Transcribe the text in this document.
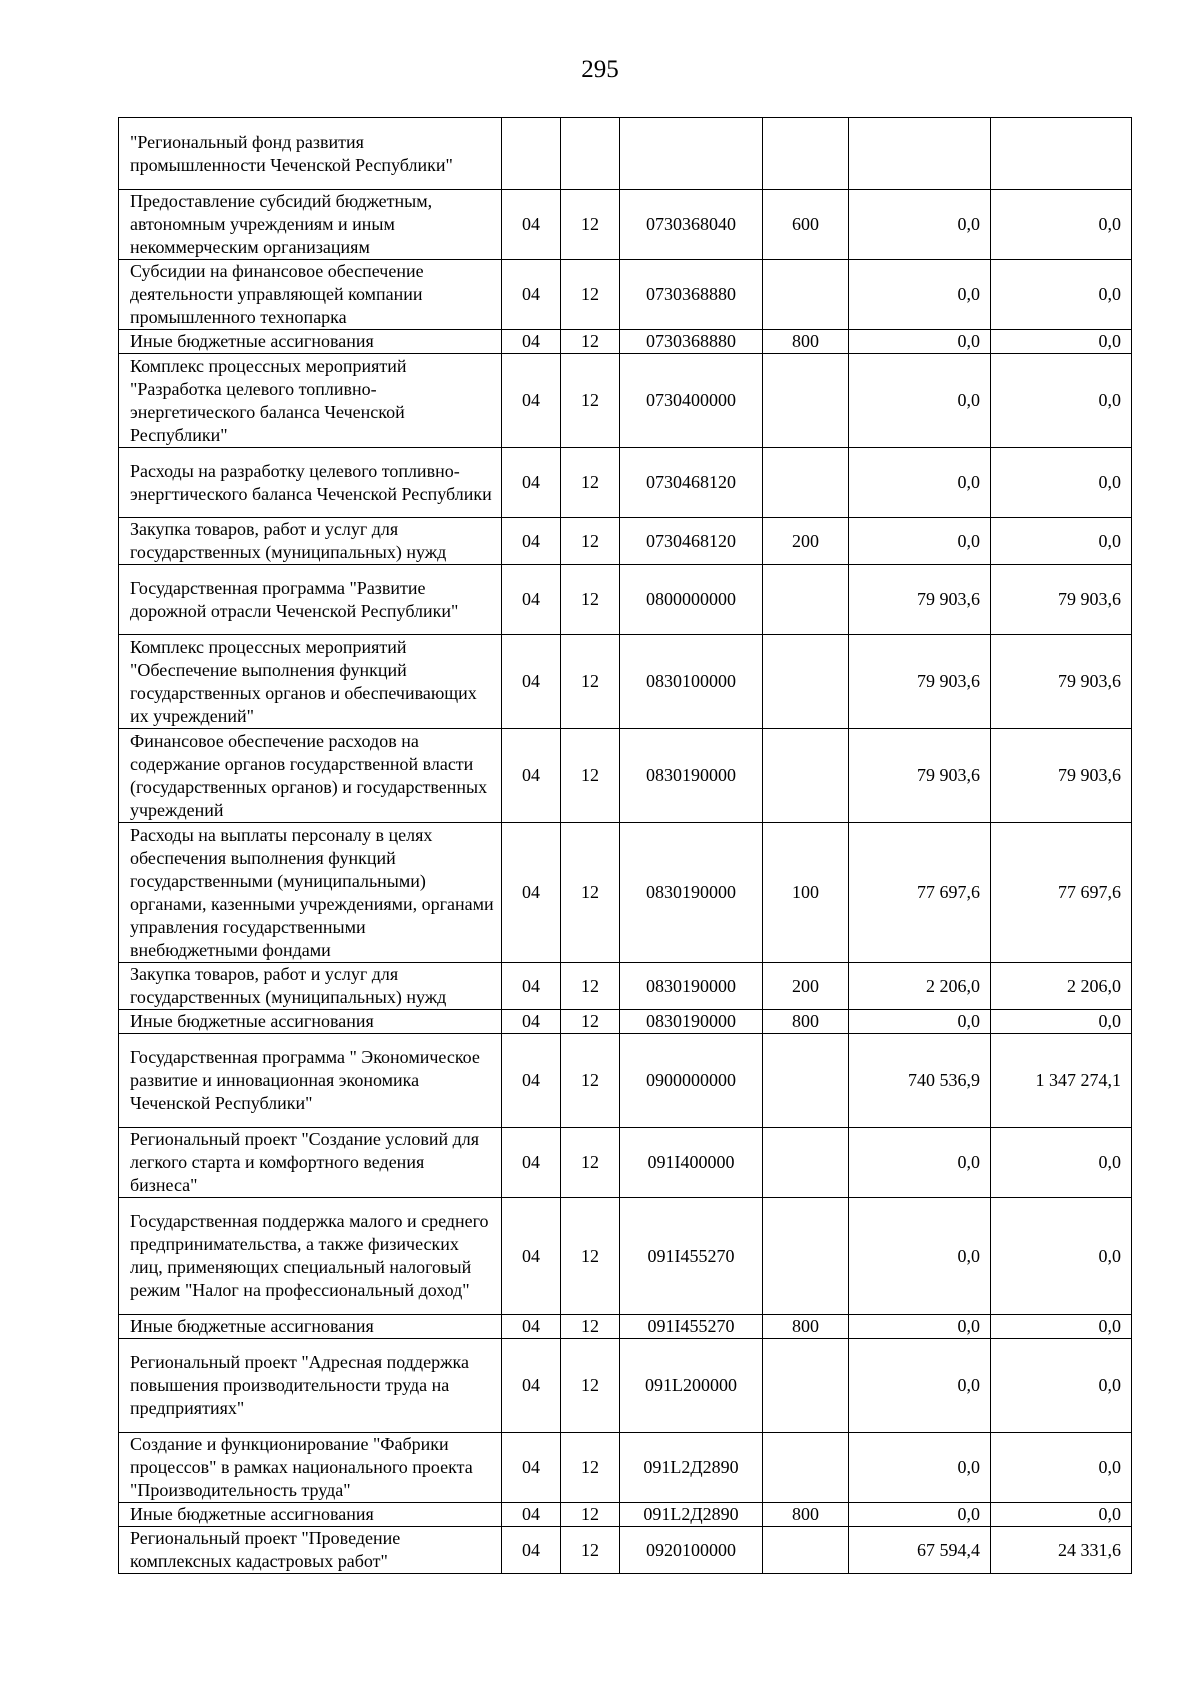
295
"Региональный фонд развития промышленности Чеченской Республики"						
Предоставление субсидий бюджетным, автономным учреждениям и иным некоммерческим организациям	04	12	0730368040	600	0,0	0,0
Субсидии на финансовое обеспечение деятельности управляющей компании промышленного технопарка	04	12	0730368880		0,0	0,0
Иные бюджетные ассигнования	04	12	0730368880	800	0,0	0,0
Комплекс процессных мероприятий "Разработка целевого топливно-энергетического баланса Чеченской Республики"	04	12	0730400000		0,0	0,0
Расходы на разработку целевого топливно-энергтического баланса Чеченской Республики	04	12	0730468120		0,0	0,0
Закупка товаров, работ и услуг для государственных (муниципальных) нужд	04	12	0730468120	200	0,0	0,0
Государственная программа "Развитие дорожной отрасли Чеченской Республики"	04	12	0800000000		79 903,6	79 903,6
Комплекс процессных мероприятий "Обеспечение выполнения функций государственных органов и обеспечивающих их учреждений"	04	12	0830100000		79 903,6	79 903,6
Финансовое обеспечение расходов на содержание органов государственной власти (государственных органов) и государственных учреждений	04	12	0830190000		79 903,6	79 903,6
Расходы на выплаты персоналу в целях обеспечения выполнения функций государственными (муниципальными) органами, казенными учреждениями, органами управления государственными внебюджетными фондами	04	12	0830190000	100	77 697,6	77 697,6
Закупка товаров, работ и услуг для государственных (муниципальных) нужд	04	12	0830190000	200	2 206,0	2 206,0
Иные бюджетные ассигнования	04	12	0830190000	800	0,0	0,0
Государственная программа " Экономическое развитие и инновационная экономика Чеченской Республики"	04	12	0900000000		740 536,9	1 347 274,1
Региональный проект "Создание условий для легкого старта и комфортного ведения бизнеса"	04	12	091I400000		0,0	0,0
Государственная поддержка малого и среднего предпринимательства, а также физических лиц, применяющих специальный налоговый режим "Налог на профессиональный доход"	04	12	091I455270		0,0	0,0
Иные бюджетные ассигнования	04	12	091I455270	800	0,0	0,0
Региональный проект "Адресная поддержка повышения производительности труда на предприятиях"	04	12	091L200000		0,0	0,0
Создание и функционирование "Фабрики процессов" в рамках национального проекта "Производительность труда"	04	12	091L2Д2890		0,0	0,0
Иные бюджетные ассигнования	04	12	091L2Д2890	800	0,0	0,0
Региональный проект "Проведение комплексных кадастровых работ"	04	12	0920100000		67 594,4	24 331,6
